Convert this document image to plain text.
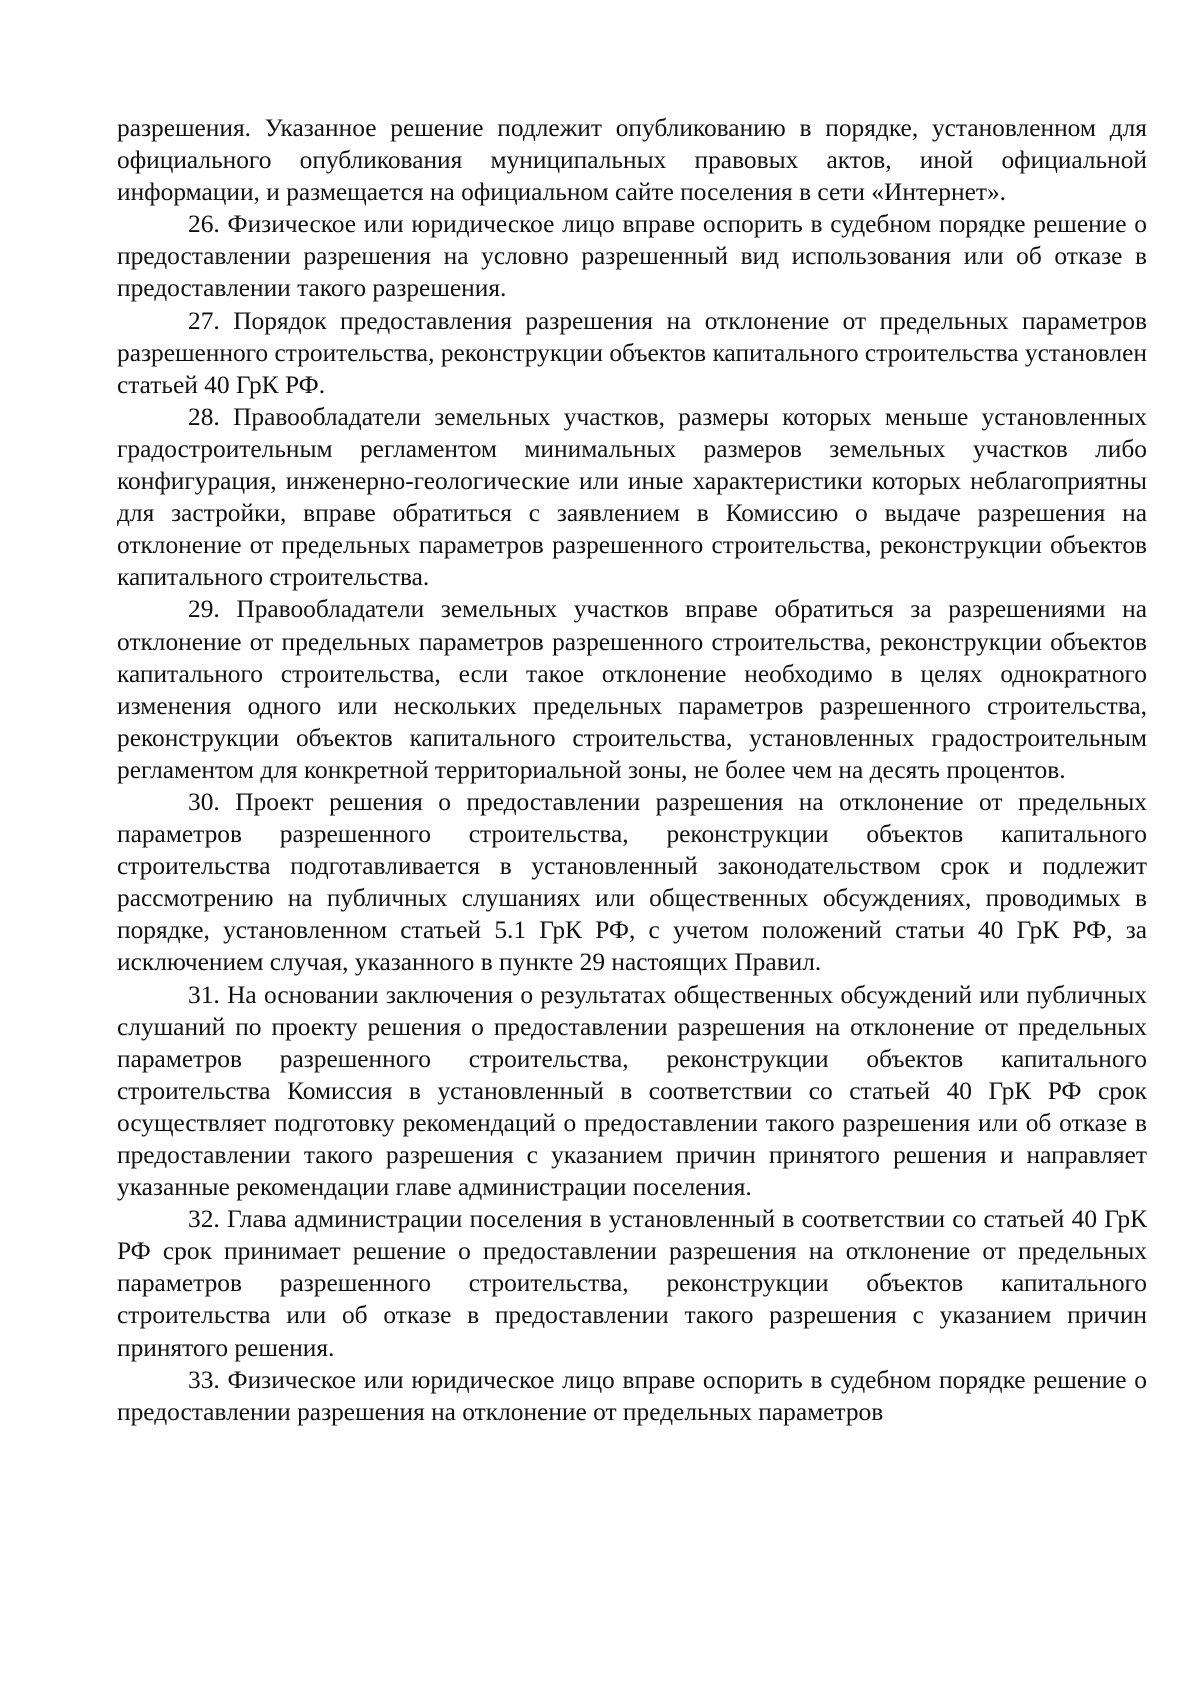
разрешения. Указанное решение подлежит опубликованию в порядке, установленном для официального опубликования муниципальных правовых актов, иной официальной информации, и размещается на официальном сайте поселения в сети «Интернет».

26. Физическое или юридическое лицо вправе оспорить в судебном порядке решение о предоставлении разрешения на условно разрешенный вид использования или об отказе в предоставлении такого разрешения.

27. Порядок предоставления разрешения на отклонение от предельных параметров разрешенного строительства, реконструкции объектов капитального строительства установлен статьей 40 ГрК РФ.

28. Правообладатели земельных участков, размеры которых меньше установленных градостроительным регламентом минимальных размеров земельных участков либо конфигурация, инженерно-геологические или иные характеристики которых неблагоприятны для застройки, вправе обратиться с заявлением в Комиссию о выдаче разрешения на отклонение от предельных параметров разрешенного строительства, реконструкции объектов капитального строительства.

29. Правообладатели земельных участков вправе обратиться за разрешениями на отклонение от предельных параметров разрешенного строительства, реконструкции объектов капитального строительства, если такое отклонение необходимо в целях однократного изменения одного или нескольких предельных параметров разрешенного строительства, реконструкции объектов капитального строительства, установленных градостроительным регламентом для конкретной территориальной зоны, не более чем на десять процентов.

30. Проект решения о предоставлении разрешения на отклонение от предельных параметров разрешенного строительства, реконструкции объектов капитального строительства подготавливается в установленный законодательством срок и подлежит рассмотрению на публичных слушаниях или общественных обсуждениях, проводимых в порядке, установленном статьей 5.1 ГрК РФ, с учетом положений статьи 40 ГрК РФ, за исключением случая, указанного в пункте 29 настоящих Правил.

31. На основании заключения о результатах общественных обсуждений или публичных слушаний по проекту решения о предоставлении разрешения на отклонение от предельных параметров разрешенного строительства, реконструкции объектов капитального строительства Комиссия в установленный в соответствии со статьей 40 ГрК РФ срок осуществляет подготовку рекомендаций о предоставлении такого разрешения или об отказе в предоставлении такого разрешения с указанием причин принятого решения и направляет указанные рекомендации главе администрации поселения.

32. Глава администрации поселения в установленный в соответствии со статьей 40 ГрК РФ срок принимает решение о предоставлении разрешения на отклонение от предельных параметров разрешенного строительства, реконструкции объектов капитального строительства или об отказе в предоставлении такого разрешения с указанием причин принятого решения.

33. Физическое или юридическое лицо вправе оспорить в судебном порядке решение о предоставлении разрешения на отклонение от предельных параметров
